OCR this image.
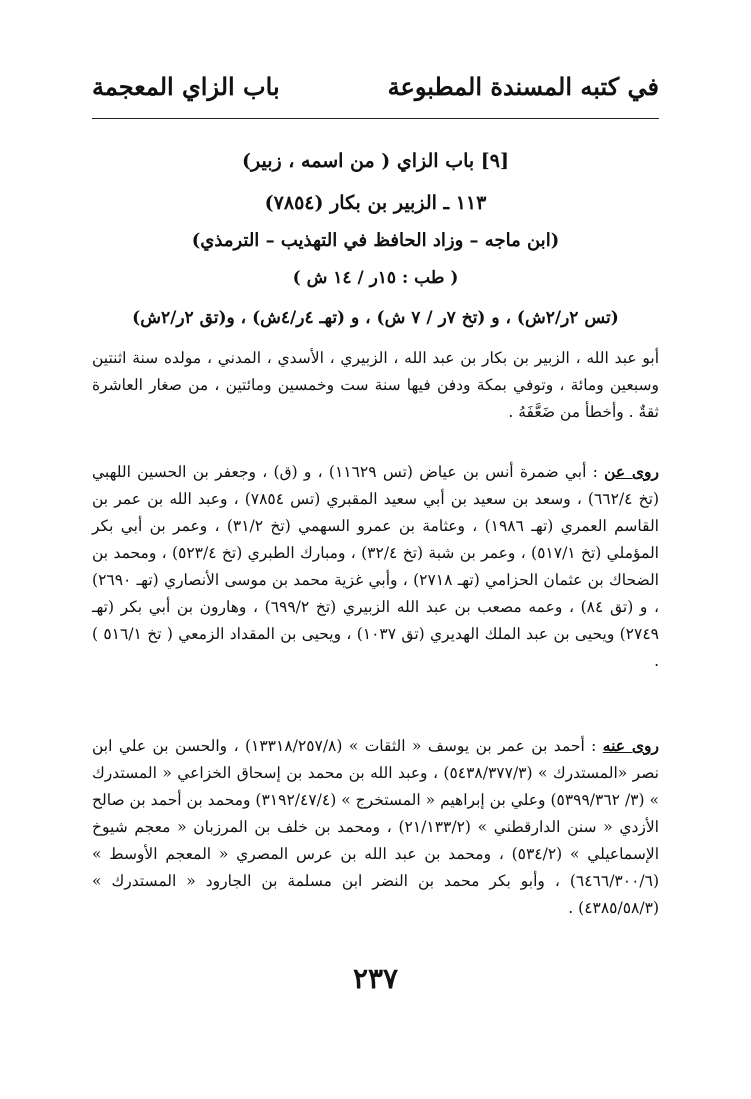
في كتبه المسندة المطبوعة
باب الزاي المعجمة
[٩] باب الزاي ( من اسمه ، زبير)
١١٣ ـ الزبير بن بكار (٧٨٥٤)
(ابن ماجه – وزاد الحافظ في التهذيب – الترمذي)
( طب : ١٥ر / ١٤ ش )
(تس ٢ر/٢ش) ، و (تخ ٧ر / ٧ ش) ، و (تهـ ٤ر/٤ش) ، و(تق ٢ر/٢ش)

أبو عبد الله ، الزبير بن بكار بن عبد الله ، الزبيري ، الأسدي ، المدني ، مولده سنة اثنتين وسبعين ومائة ، وتوفي بمكة ودفن فيها سنة ست وخمسين ومائتين ، من صغار العاشرة ثقةٌ . وأخطأ من ضَعَّفَهُ .

روى عن : أبي ضمرة أنس بن عياض (تس ١١٦٢٩) ، و (ق) ، وجعفر بن الحسين اللهبي (تخ ٦٦٢/٤) ، وسعد بن سعيد بن أبي سعيد المقبري (تس ٧٨٥٤) ، وعبد الله بن عمر بن القاسم العمري (تهـ ١٩٨٦) ، وعثامة بن عمرو السهمي (تخ ٣١/٢) ، وعمر بن أبي بكر المؤملي (تخ ٥١٧/١) ، وعمر بن شبة (تخ ٣٢/٤) ، ومبارك الطبري (تخ ٥٢٣/٤) ، ومحمد بن الضحاك بن عثمان الحزامي (تهـ ٢٧١٨) ، وأبي غزية محمد بن موسى الأنصاري (تهـ ٢٦٩٠) ، و (تق ٨٤) ، وعمه مصعب بن عبد الله الزبيري (تخ ٦٩٩/٢) ، وهارون بن أبي بكر (تهـ ٢٧٤٩) ويحيى بن عبد الملك الهديري (تق ١٠٣٧) ، ويحيى بن المقداد الزمعي ( تخ ٥١٦/١ ) .

روى عنه : أحمد بن عمر بن يوسف « الثقات » (١٣٣١٨/٢٥٧/٨) ، والحسن بن علي ابن نصر «المستدرك » (٥٤٣٨/٣٧٧/٣) ، وعبد الله بن محمد بن إسحاق الخزاعي « المستدرك » (٣/ ٥٣٩٩/٣٦٢) وعلي بن إبراهيم « المستخرج » (٣١٩٢/٤٧/٤) ومحمد بن أحمد بن صالح الأزدي « سنن الدارقطني » (٢١/١٣٣/٢) ، ومحمد بن خلف بن المرزبان « معجم شيوخ الإسماعيلي » (٥٣٤/٢) ، ومحمد بن عبد الله بن عرس المصري « المعجم الأوسط » (٦٤٦٦/٣٠٠/٦) ، وأبو بكر محمد بن النضر ابن مسلمة بن الجارود « المستدرك » (٤٣٨٥/٥٨/٣) .

٢٣٧
